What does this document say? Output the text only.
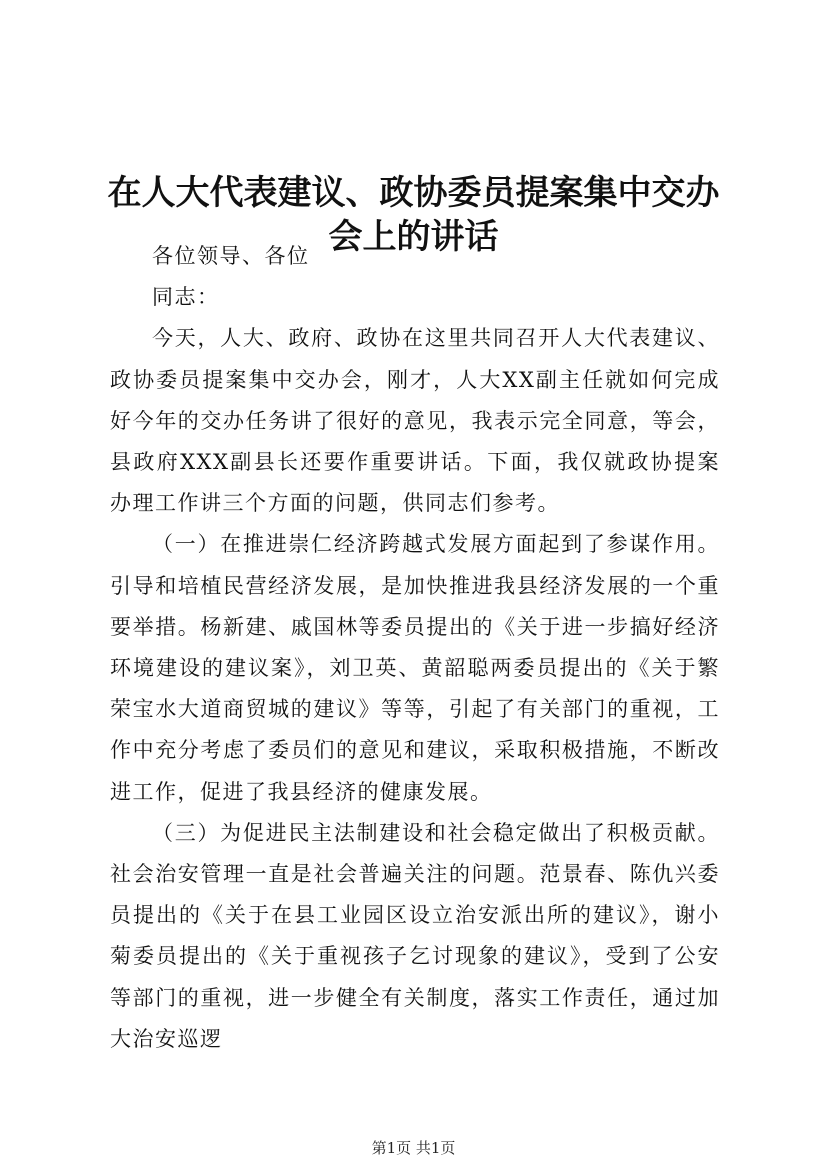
在人大代表建议、政协委员提案集中交办会上的讲话

各位领导、各位

同志：

今天，人大、政府、政协在这里共同召开人大代表建议、政协委员提案集中交办会，刚才，人大XX副主任就如何完成好今年的交办任务讲了很好的意见，我表示完全同意，等会，县政府XXX副县长还要作重要讲话。下面，我仅就政协提案办理工作讲三个方面的问题，供同志们参考。

（一）在推进崇仁经济跨越式发展方面起到了参谋作用。引导和培植民营经济发展，是加快推进我县经济发展的一个重要举措。杨新建、戚国林等委员提出的《关于进一步搞好经济环境建设的建议案》，刘卫英、黄韶聪两委员提出的《关于繁荣宝水大道商贸城的建议》等等，引起了有关部门的重视，工作中充分考虑了委员们的意见和建议，采取积极措施，不断改进工作，促进了我县经济的健康发展。

（三）为促进民主法制建设和社会稳定做出了积极贡献。社会治安管理一直是社会普遍关注的问题。范景春、陈仇兴委员提出的《关于在县工业园区设立治安派出所的建议》，谢小菊委员提出的《关于重视孩子乞讨现象的建议》，受到了公安等部门的重视，进一步健全有关制度，落实工作责任，通过加大治安巡逻

第1页 共1页
